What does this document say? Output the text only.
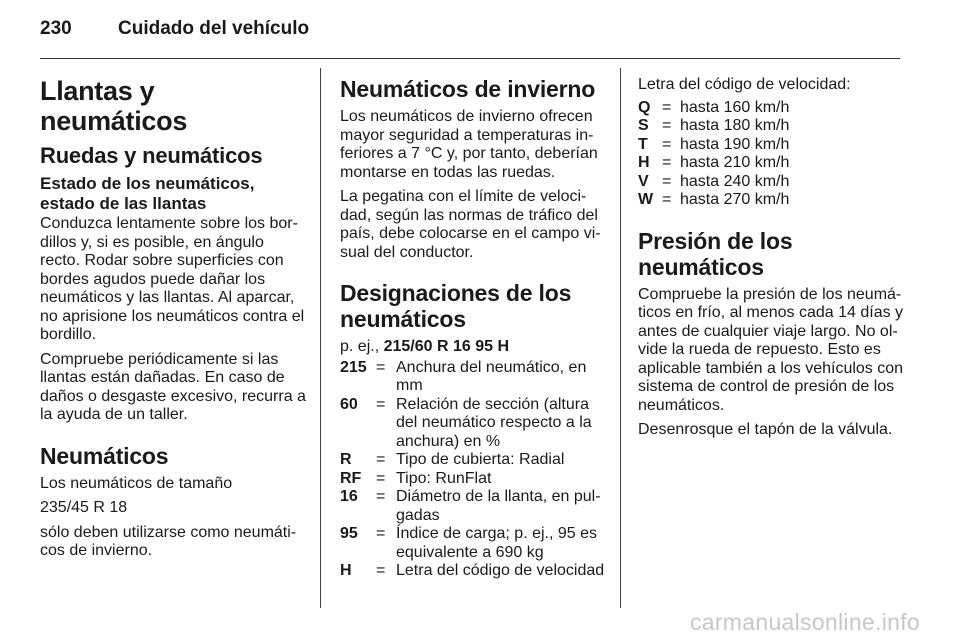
230 Cuidado del vehículo
Llantas y neumáticos
Ruedas y neumáticos
Estado de los neumáticos, estado de las llantas

Conduzca lentamente sobre los bor-dillos y, si es posible, en ángulo recto. Rodar sobre superficies con bordes agudos puede dañar los neumáticos y las llantas. Al aparcar, no aprisione los neumáticos contra el bordillo.

Compruebe periódicamente si las llantas están dañadas. En caso de daños o desgaste excesivo, recurra a la ayuda de un taller.

Neumáticos

Los neumáticos de tamaño

235/45 R 18

sólo deben utilizarse como neumáti-cos de invierno.

Neumáticos de invierno

Los neumáticos de invierno ofrecen mayor seguridad a temperaturas in-feriores a 7 °C y, por tanto, deberían montarse en todas las ruedas.

La pegatina con el límite de veloci-dad, según las normas de tráfico del país, debe colocarse en el campo vi-sual del conductor.

Designaciones de los neumáticos

p. ej., 215/60 R 16 95 H

215 = Anchura del neumático, en mm
60	= Relación de sección (altura del neumático respecto a la anchura) en %
R	= Tipo de cubierta: Radial
RF = Tipo: RunFlat
16	= Diámetro de la llanta, en pul-gadas
95	= Índice de carga; p. ej., 95 es equivalente a 690 kg
H	= Letra del código de velocidad

Letra del código de velocidad:

Q = hasta 160 km/h
S = hasta 180 km/h
T = hasta 190 km/h
H = hasta 210 km/h
V = hasta 240 km/h
W = hasta 270 km/h
Presión de los neumáticos

Compruebe la presión de los neumá-ticos en frío, al menos cada 14 días y antes de cualquier viaje largo. No ol-vide la rueda de repuesto. Esto es aplicable también a los vehículos con sistema de control de presión de los neumáticos.

Desenrosque el tapón de la válvula.

carmanualsonline.info
